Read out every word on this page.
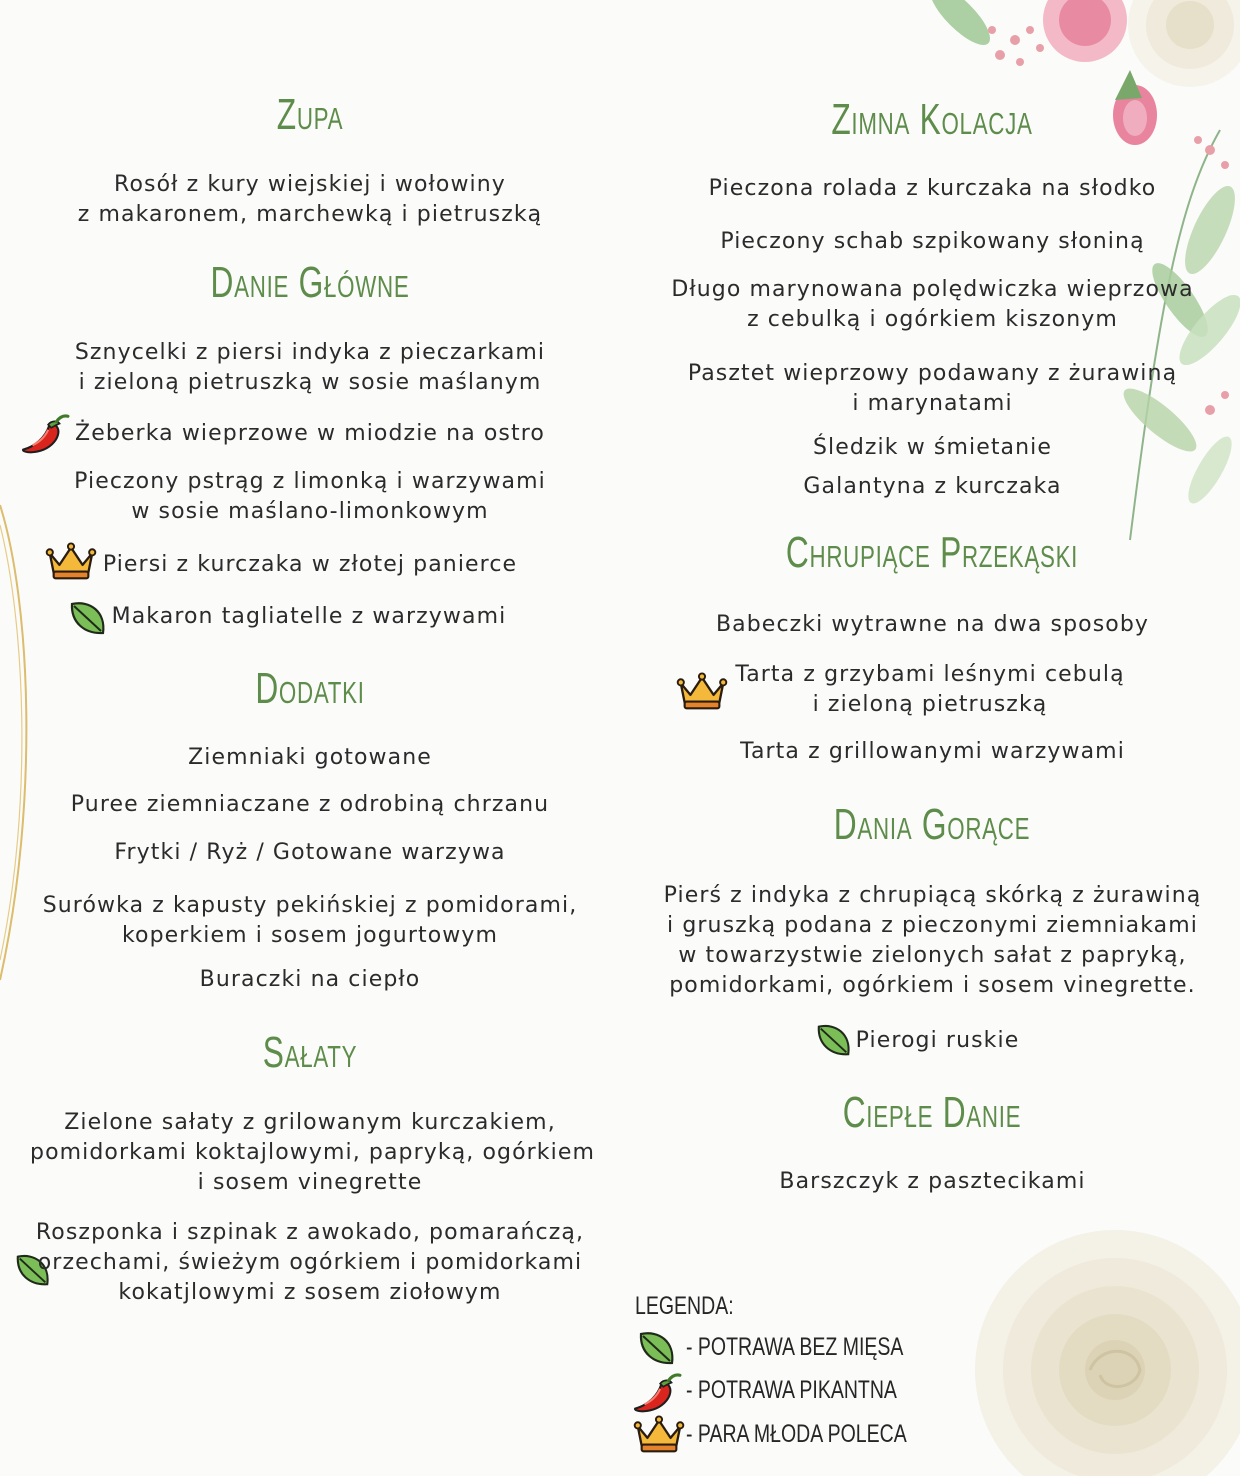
Zupa
Rosół z kury wiejskiej i wołowiny
z makaronem, marchewką i pietruszką
Danie Główne
Sznycelki z piersi indyka z pieczarkami
i zieloną pietruszką w sosie maślanym
Żeberka wieprzowe w miodzie na ostro
Pieczony pstrąg z limonką i warzywami
w sosie maślano-limonkowym
Piersi z kurczaka w złotej panierce
Makaron tagliatelle z warzywami
Dodatki
Ziemniaki gotowane
Puree ziemniaczane z odrobiną chrzanu
Frytki / Ryż / Gotowane warzywa
Surówka z kapusty pekińskiej z pomidorami,
koperkiem i sosem jogurtowym
Buraczki na ciepło
Sałaty
Zielone sałaty z grilowanym kurczakiem,
pomidorkami koktajlowymi, papryką, ogórkiem
i sosem vinegrette
Roszponka i szpinak z awokado, pomarańczą,
orzechami, świeżym ogórkiem i pomidorkami
kokatjlowymi z sosem ziołowym
Zimna Kolacja
Pieczona rolada z kurczaka na słodko
Pieczony schab szpikowany słoniną
Długo marynowana polędwiczka wieprzowa
z cebulką i ogórkiem kiszonym
Pasztet wieprzowy podawany z żurawiną
i marynatami
Śledzik w śmietanie
Galantyna z kurczaka
Chrupiące Przekąski
Babeczki wytrawne na dwa sposoby
Tarta z grzybami leśnymi cebulą
i zieloną pietruszką
Tarta z grillowanymi warzywami
Dania Gorące
Pierś z indyka z chrupiącą skórką z żurawiną
i gruszką podana z pieczonymi ziemniakami
w towarzystwie zielonych sałat z papryką,
pomidorkami, ogórkiem i sosem vinegrette.
Pierogi ruskie
Ciepłe Danie
Barszczyk z pasztecikami
LEGENDA:
- POTRAWA BEZ MIĘSA
- POTRAWA PIKANTNA
- PARA MŁODA POLECA
